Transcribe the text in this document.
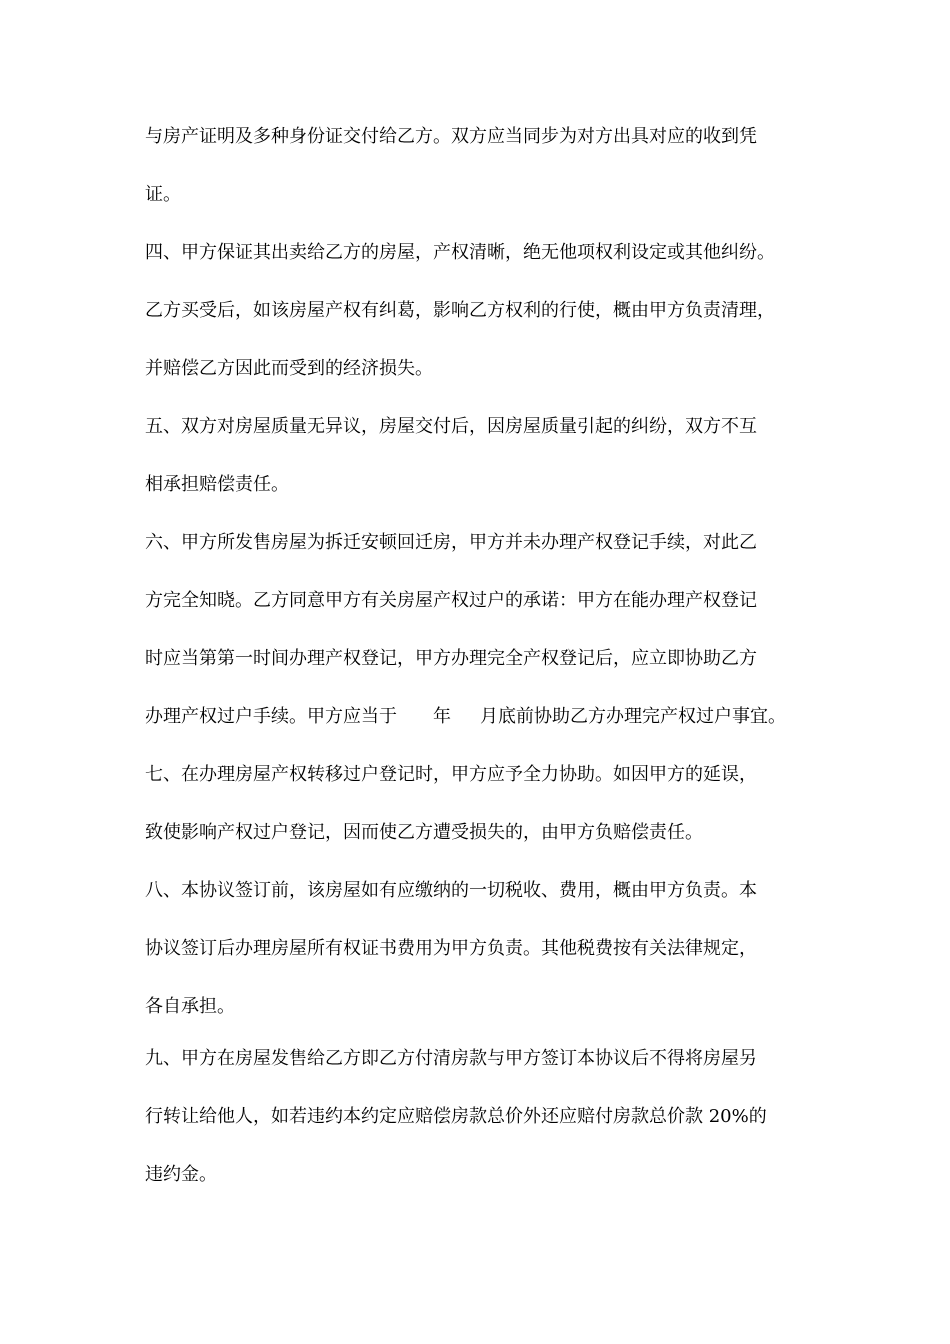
与房产证明及多种身份证交付给乙方。双方应当同步为对方出具对应的收到凭
证。
四、甲方保证其出卖给乙方的房屋，产权清晰，绝无他项权利设定或其他纠纷。
乙方买受后，如该房屋产权有纠葛，影响乙方权利的行使，概由甲方负责清理，
并赔偿乙方因此而受到的经济损失。
五、双方对房屋质量无异议，房屋交付后，因房屋质量引起的纠纷，双方不互
相承担赔偿责任。
六、甲方所发售房屋为拆迁安顿回迁房，甲方并未办理产权登记手续，对此乙
方完全知晓。乙方同意甲方有关房屋产权过户的承诺：甲方在能办理产权登记
时应当第第一时间办理产权登记，甲方办理完全产权登记后，应立即协助乙方
办理产权过户手续。甲方应当于 年 月底前协助乙方办理完产权过户事宜。
七、在办理房屋产权转移过户登记时，甲方应予全力协助。如因甲方的延误，
致使影响产权过户登记，因而使乙方遭受损失的，由甲方负赔偿责任。
八、本协议签订前，该房屋如有应缴纳的一切税收、费用，概由甲方负责。本
协议签订后办理房屋所有权证书费用为甲方负责。其他税费按有关法律规定，
各自承担。
九、甲方在房屋发售给乙方即乙方付清房款与甲方签订本协议后不得将房屋另
行转让给他人，如若违约本约定应赔偿房款总价外还应赔付房款总价款 20%的
违约金。
